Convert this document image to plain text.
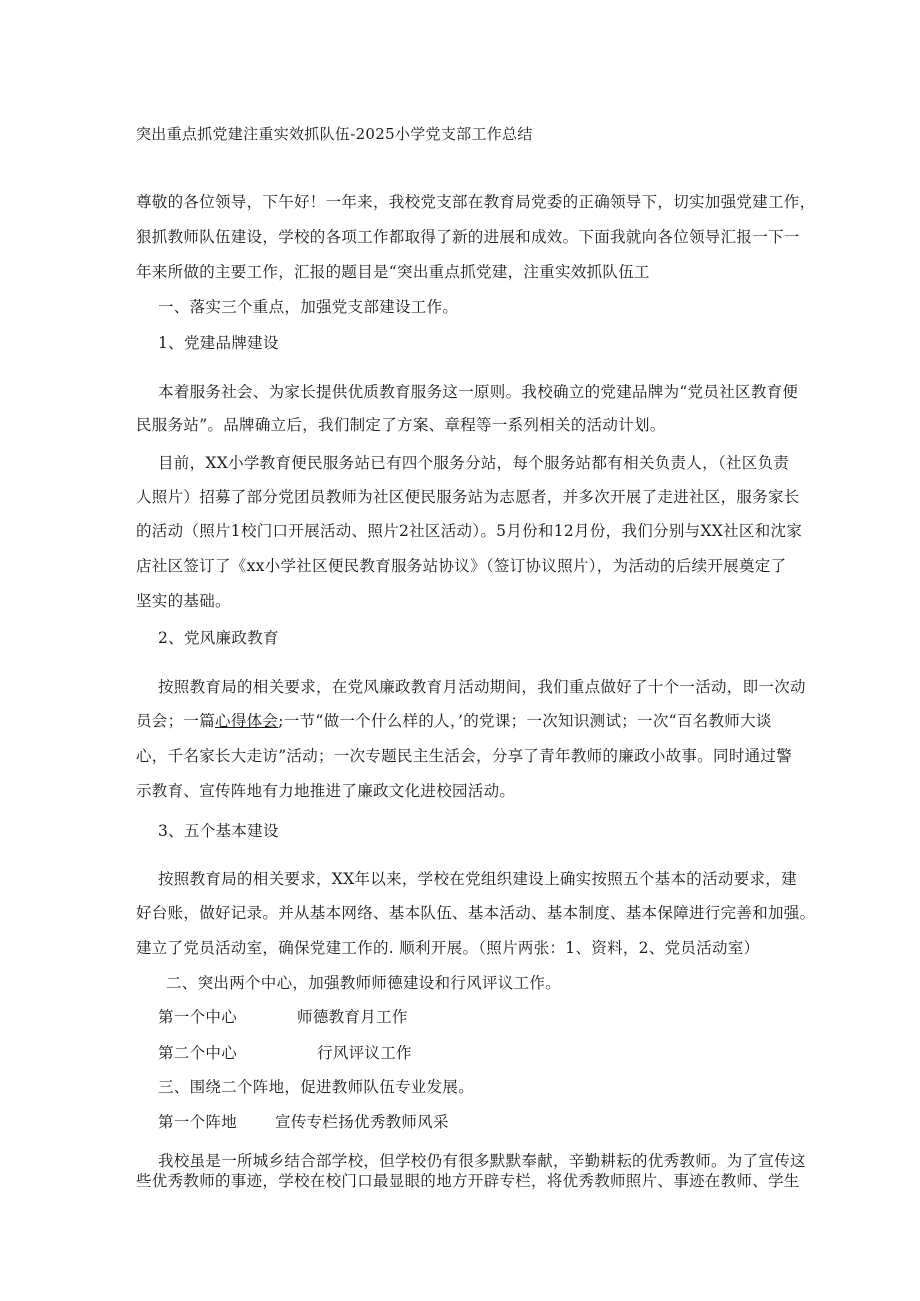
突出重点抓党建注重实效抓队伍-2025小学党支部工作总结
尊敬的各位领导，下午好！一年来，我校党支部在教育局党委的正确领导下，切实加强党建工作，
狠抓教师队伍建设，学校的各项工作都取得了新的进展和成效。下面我就向各位领导汇报一下一
年来所做的主要工作，汇报的题目是“突出重点抓党建，注重实效抓队伍工
一、落实三个重点，加强党支部建设工作。
1、党建品牌建设
本着服务社会、为家长提供优质教育服务这一原则。我校确立的党建品牌为“党员社区教育便
民服务站”。品牌确立后，我们制定了方案、章程等一系列相关的活动计划。
目前，XX小学教育便民服务站已有四个服务分站，每个服务站都有相关负责人，（社区负责
人照片）招募了部分党团员教师为社区便民服务站为志愿者，并多次开展了走进社区，服务家长
的活动（照片1校门口开展活动、照片2社区活动）。5月份和12月份，我们分别与XX社区和沈家
店社区签订了《xx小学社区便民教育服务站协议》（签订协议照片），为活动的后续开展奠定了
坚实的基础。
2、党风廉政教育
按照教育局的相关要求，在党风廉政教育月活动期间，我们重点做好了十个一活动，即一次动
员会；一篇心得体会;一节“做一个什么样的人，’的党课；一次知识测试；一次“百名教师大谈
心，千名家长大走访”活动；一次专题民主生活会，分享了青年教师的廉政小故事。同时通过警
示教育、宣传阵地有力地推进了廉政文化进校园活动。
3、五个基本建设
按照教育局的相关要求，XX年以来，学校在党组织建设上确实按照五个基本的活动要求，建
好台账，做好记录。并从基本网络、基本队伍、基本活动、基本制度、基本保障进行完善和加强。
建立了党员活动室，确保党建工作的. 顺利开展。（照片两张：1、资料，2、党员活动室）
二、突出两个中心，加强教师师德建设和行风评议工作。
第一个中心	师德教育月工作
第二个中心	行风评议工作
三、围绕二个阵地，促进教师队伍专业发展。
第一个阵地 宣传专栏扬优秀教师风采
我校虽是一所城乡结合部学校，但学校仍有很多默默奉献，辛勤耕耘的优秀教师。为了宣传这
些优秀教师的事迹，学校在校门口最显眼的地方开辟专栏，将优秀教师照片、事迹在教师、学生
